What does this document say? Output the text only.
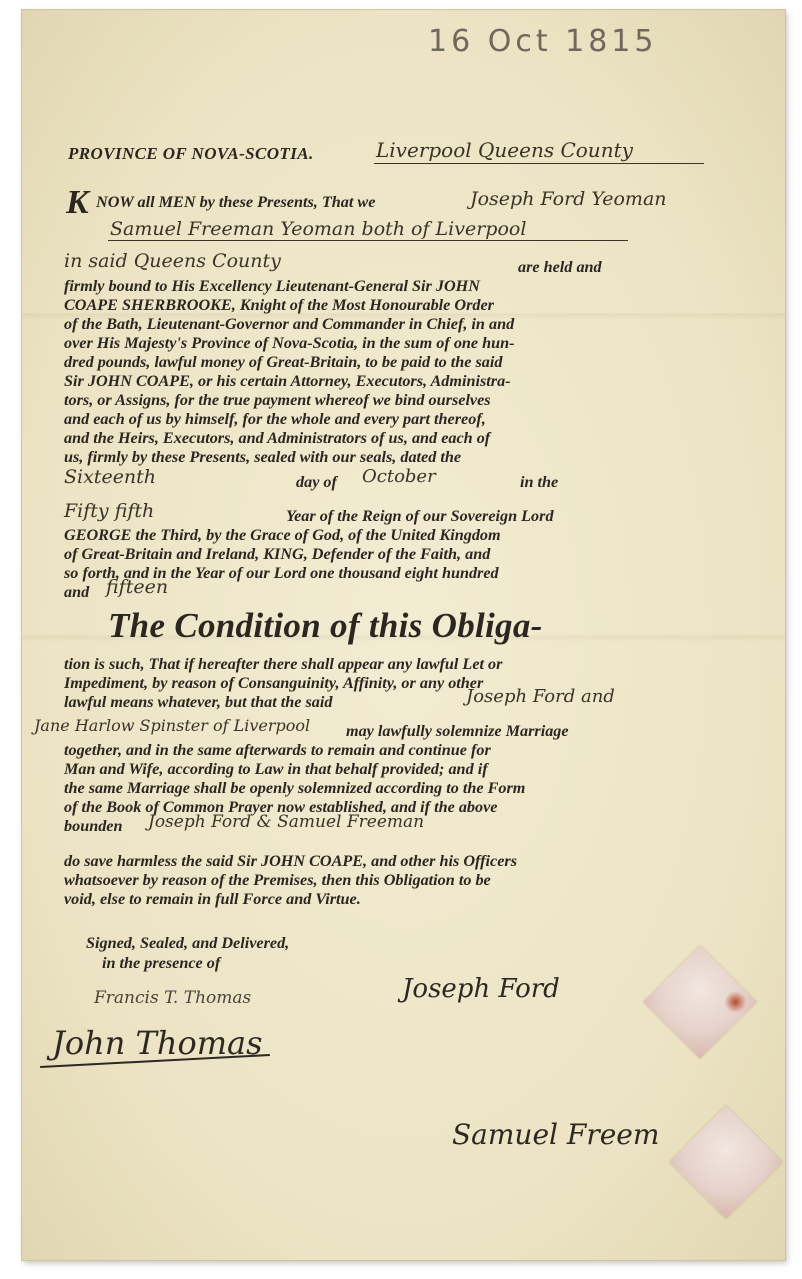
16 Oct 1815
PROVINCE OF NOVA-SCOTIA.	Liverpool Queens County
K NOW all MEN by these Presents, That we	Joseph Ford Yeoman
Samuel Freeman Yeoman both of Liverpool
in said Queens County	are held and
firmly bound to His Excellency Lieutenant-General Sir JOHN
COAPE SHERBROOKE, Knight of the Most Honourable Order
of the Bath, Lieutenant-Governor and Commander in Chief, in and
over His Majesty's Province of Nova-Scotia, in the sum of one hun-
dred pounds, lawful money of Great-Britain, to be paid to the said
Sir JOHN COAPE, or his certain Attorney, Executors, Administra-
tors, or Assigns, for the true payment whereof we bind ourselves
and each of us by himself, for the whole and every part thereof,
and the Heirs, Executors, and Administrators of us, and each of
us, firmly by these Presents, sealed with our seals, dated the
Sixteenth	day of October	in the
Fifty fifth	Year of the Reign of our Sovereign Lord
GEORGE the Third, by the Grace of God, of the United Kingdom
of Great-Britain and Ireland, KING, Defender of the Faith, and
so forth, and in the Year of our Lord one thousand eight hundred
and fifteen
The Condition of this Obliga-
tion is such, That if hereafter there shall appear any lawful Let or
Impediment, by reason of Consanguinity, Affinity, or any other
lawful means whatever, but that the said	Joseph Ford and
Jane Harlow Spinster of Liverpool may lawfully solemnize Marriage
together, and in the same afterwards to remain and continue for
Man and Wife, according to Law in that behalf provided; and if
the same Marriage shall be openly solemnized according to the Form
of the Book of Common Prayer now established, and if the above
bounden Joseph Ford & Samuel Freeman
do save harmless the said Sir JOHN COAPE, and other his Officers
whatsoever by reason of the Premises, then this Obligation to be
void, else to remain in full Force and Virtue.
Signed, Sealed, and Delivered,
in the presence of
Francis T. Thomas
John Thomas
Joseph Ford
Samuel Freem
